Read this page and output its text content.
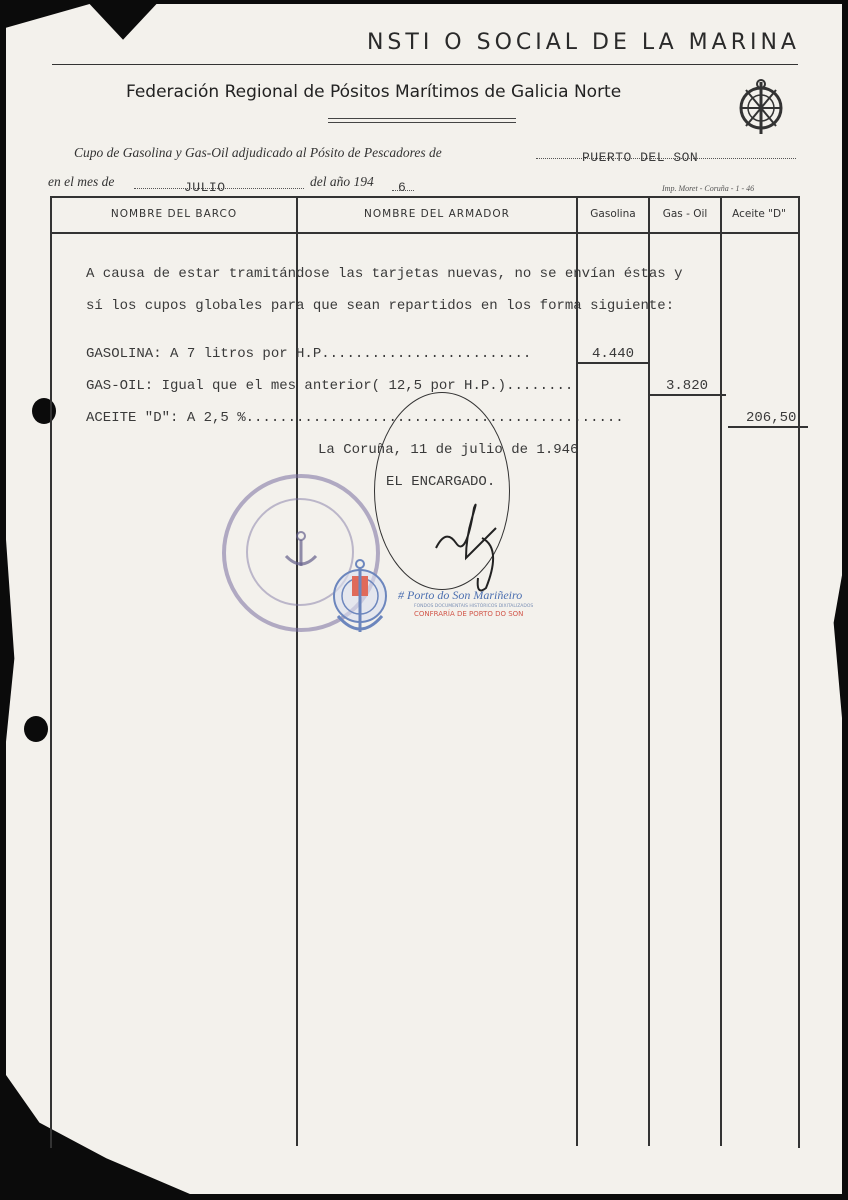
NSTI O SOCIAL DE LA MARINA
Federación Regional de Pósitos Marítimos de Galicia Norte
Cupo de Gasolina y Gas-Oil adjudicado al Pósito de Pescadores de	PUERTO DEL SON
en el mes de	JULIO	del año 194 6	Imp. Moret - Coruña - 1 - 46
NOMBRE DEL BARCO	NOMBRE DEL ARMADOR	Gasolina	Gas - Oil	Aceite "D"
A causa de estar tramitándose las tarjetas nuevas, no se envían éstas y
sí los cupos globales para que sean repartidos en los forma siguiente:
GASOLINA: A 7 litros por H.P.........................	4.440
GAS-OIL: Igual que el mes anterior( 12,5 por H.P.)........	3.820
ACEITE "D": A 2,5 %.............................................	206,50
La Coruña, 11 de julio de 1.946
EL ENCARGADO.
# Porto do Son Mariñeiro
FONDOS DOCUMENTAIS HISTÓRICOS DIXITALIZADOS
CONFRARÍA DE PORTO DO SON
